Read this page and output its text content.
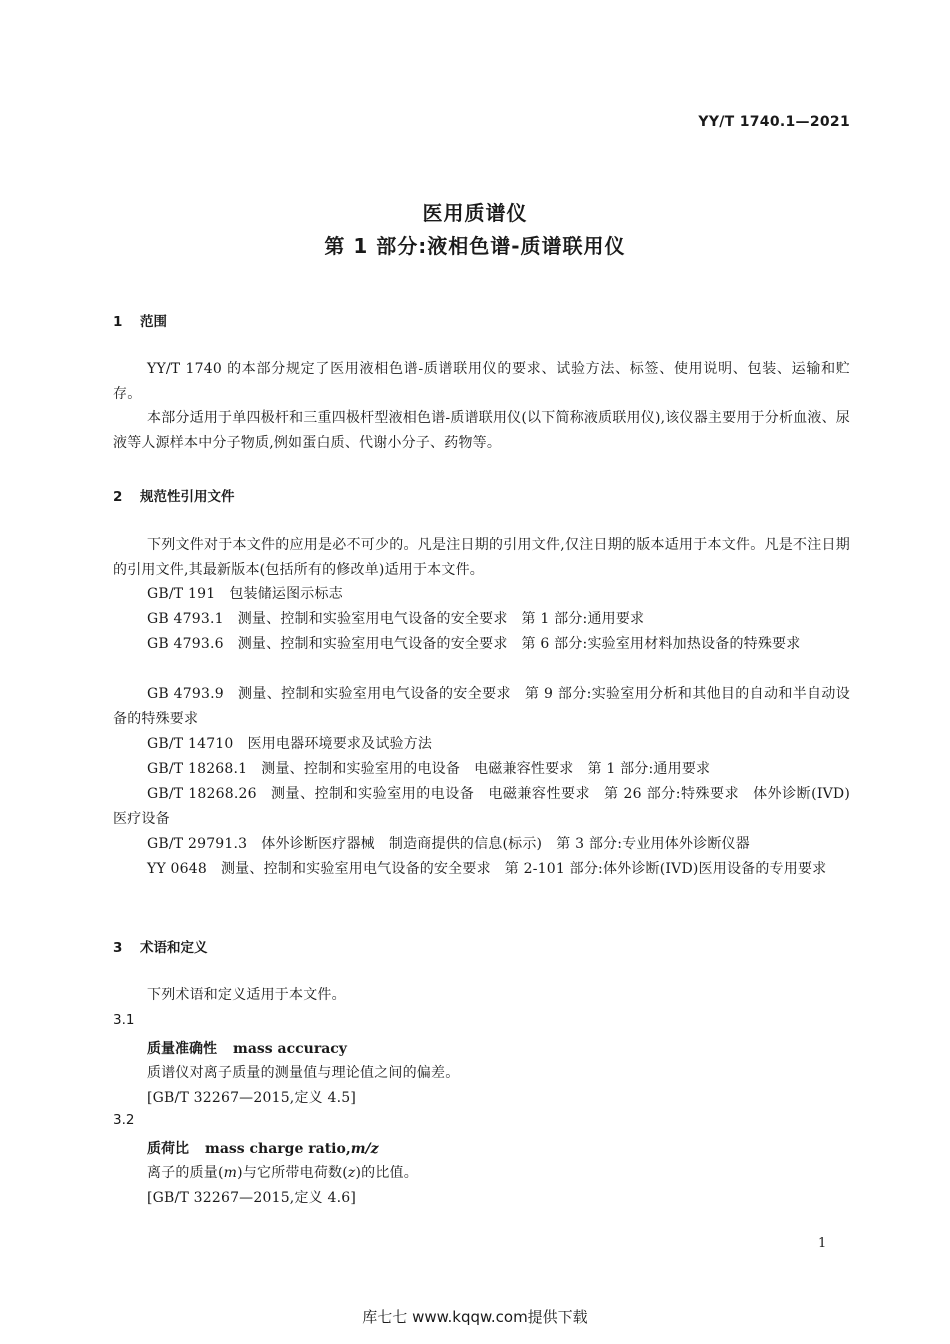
YY/T 1740.1—2021
医用质谱仪
第 1 部分:液相色谱-质谱联用仪
1 范围
YY/T 1740 的本部分规定了医用液相色谱-质谱联用仪的要求、试验方法、标签、使用说明、包装、运输和贮存。
本部分适用于单四极杆和三重四极杆型液相色谱-质谱联用仪(以下简称液质联用仪),该仪器主要用于分析血液、尿液等人源样本中分子物质,例如蛋白质、代谢小分子、药物等。
2 规范性引用文件
下列文件对于本文件的应用是必不可少的。凡是注日期的引用文件,仅注日期的版本适用于本文件。凡是不注日期的引用文件,其最新版本(包括所有的修改单)适用于本文件。
GB/T 191 包装储运图示标志
GB 4793.1 测量、控制和实验室用电气设备的安全要求 第 1 部分:通用要求
GB 4793.6 测量、控制和实验室用电气设备的安全要求 第 6 部分:实验室用材料加热设备的特殊要求
GB 4793.9 测量、控制和实验室用电气设备的安全要求 第 9 部分:实验室用分析和其他目的自动和半自动设备的特殊要求
GB/T 14710 医用电器环境要求及试验方法
GB/T 18268.1 测量、控制和实验室用的电设备 电磁兼容性要求 第 1 部分:通用要求
GB/T 18268.26 测量、控制和实验室用的电设备 电磁兼容性要求 第 26 部分:特殊要求 体外诊断(IVD)医疗设备
GB/T 29791.3 体外诊断医疗器械 制造商提供的信息(标示) 第 3 部分:专业用体外诊断仪器
YY 0648 测量、控制和实验室用电气设备的安全要求 第 2-101 部分:体外诊断(IVD)医用设备的专用要求
3 术语和定义
下列术语和定义适用于本文件。
3.1
质量准确性 mass accuracy
质谱仪对离子质量的测量值与理论值之间的偏差。
[GB/T 32267—2015,定义 4.5]
3.2
质荷比 mass charge ratio,m/z
离子的质量(m)与它所带电荷数(z)的比值。
[GB/T 32267—2015,定义 4.6]
1
库七七 www.kqqw.com提供下载
